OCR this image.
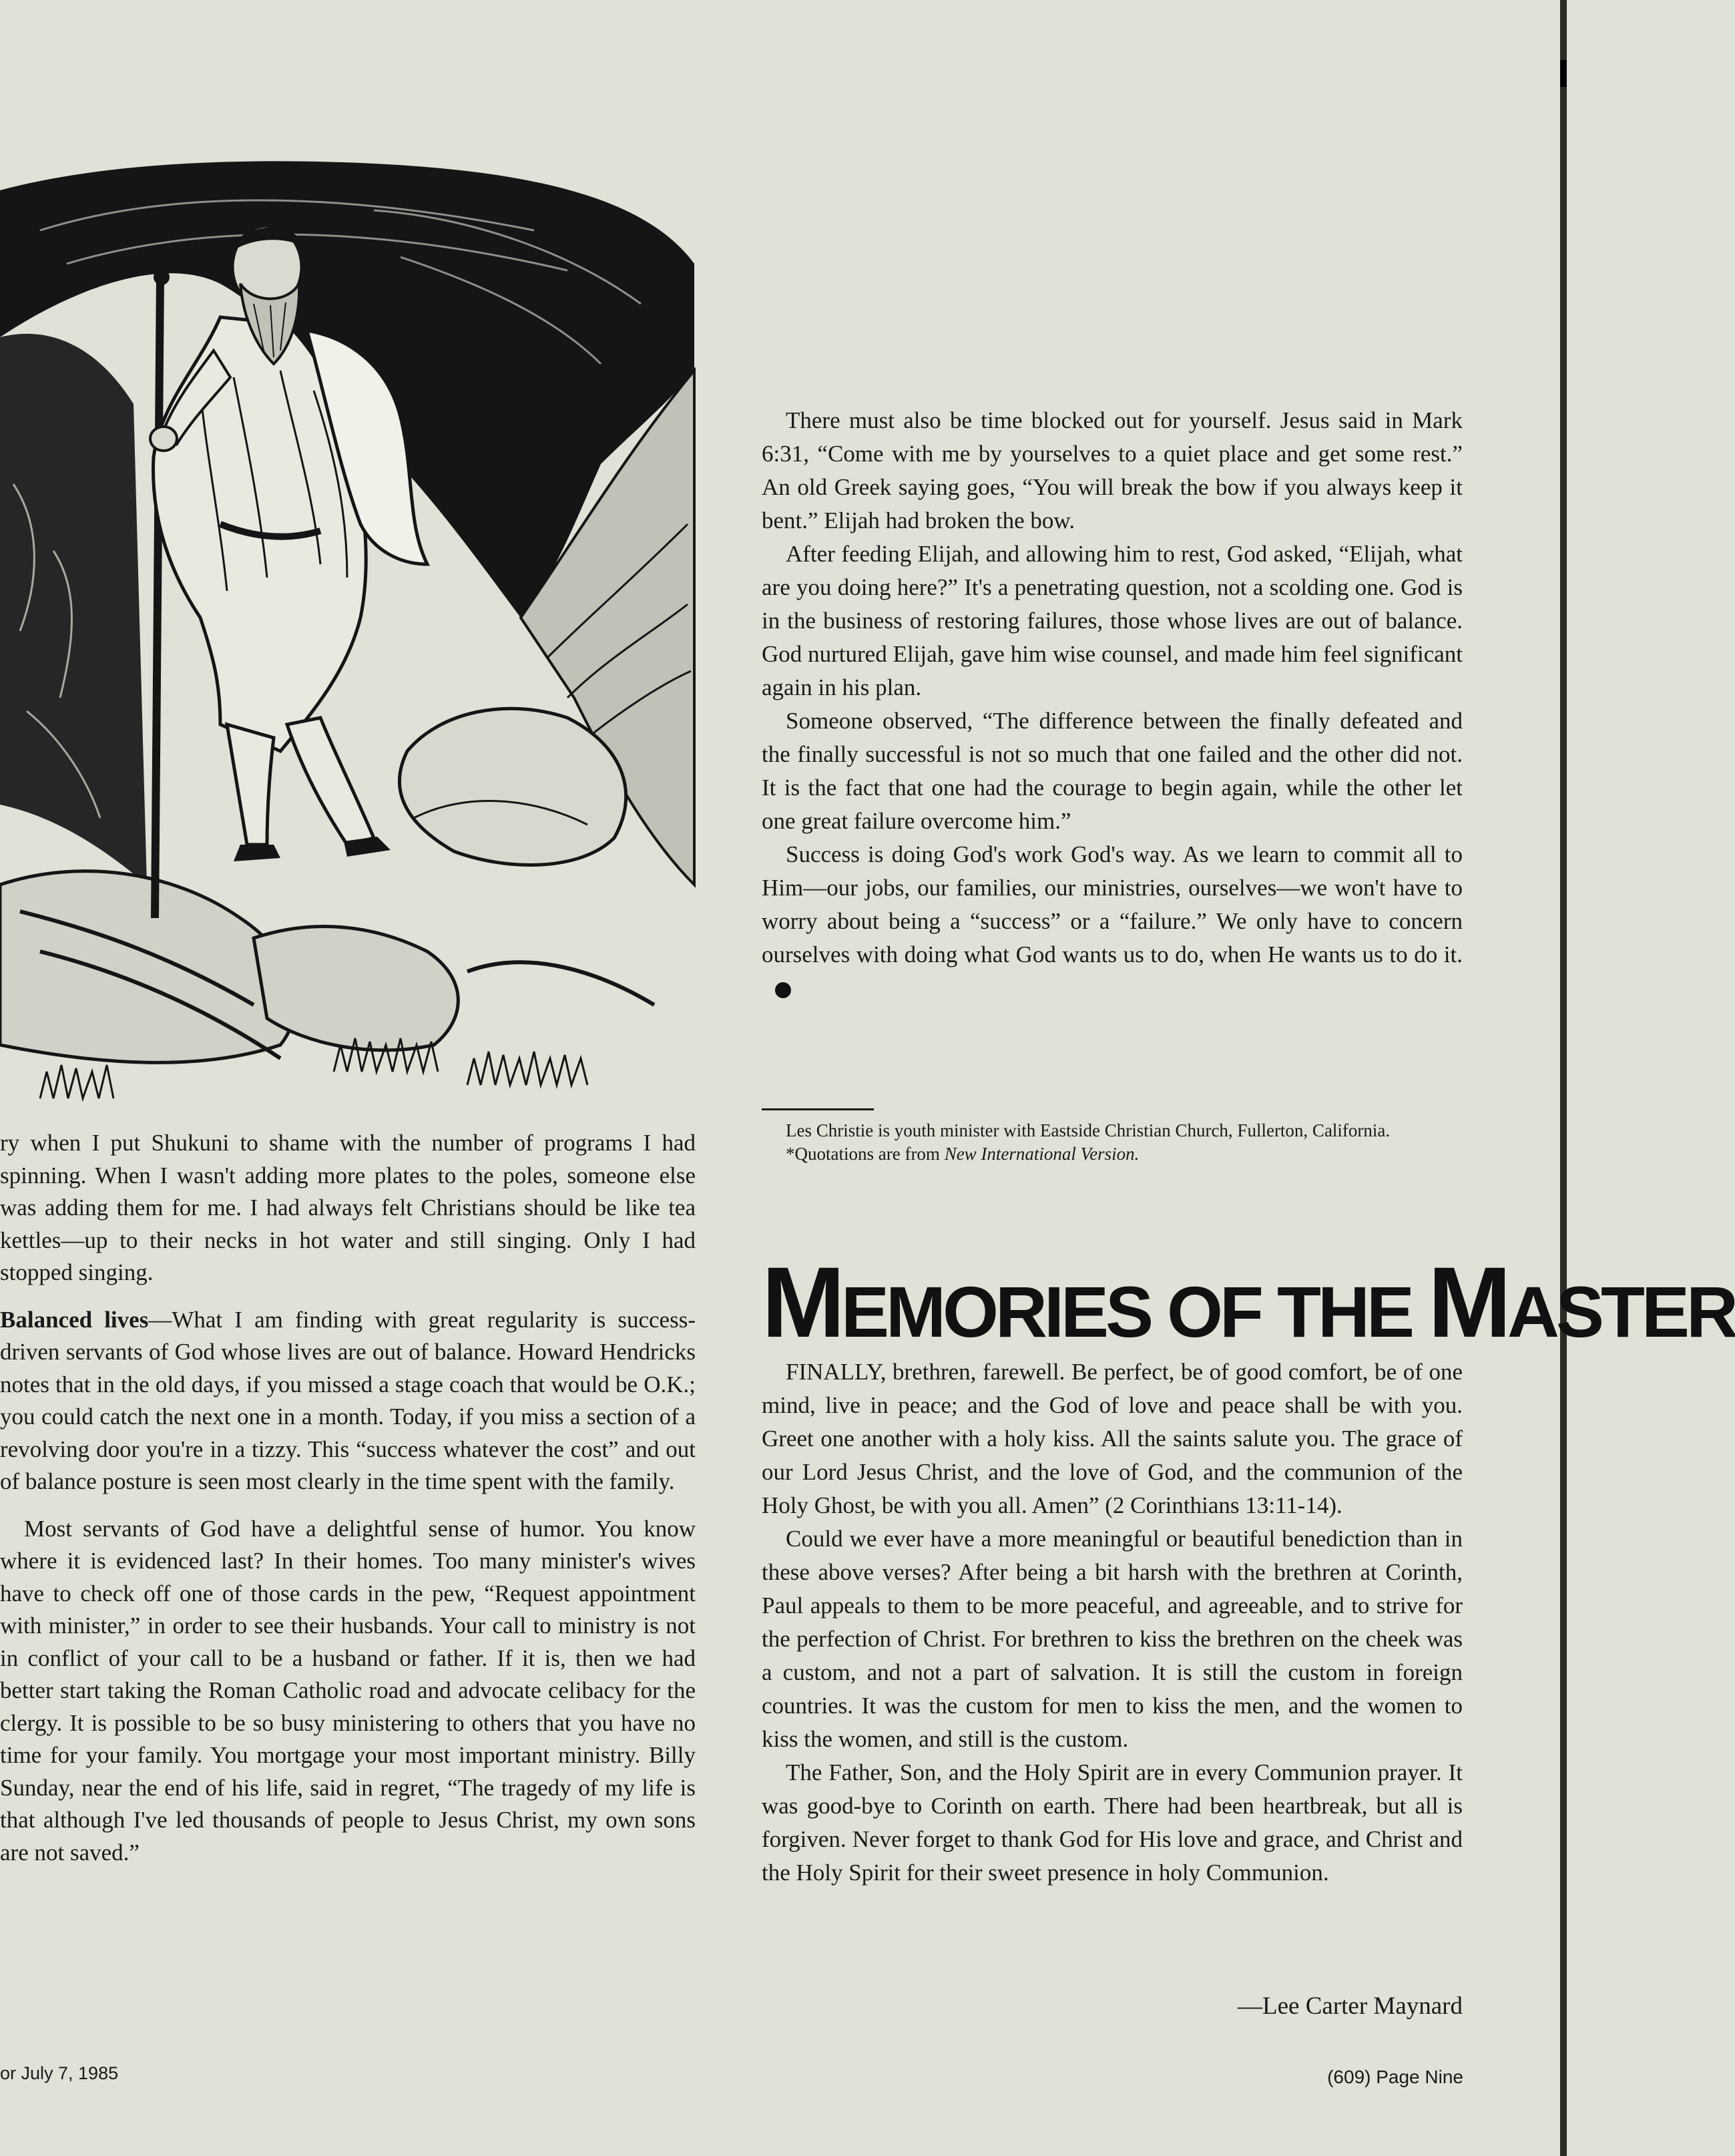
ry when I put Shukuni to shame with the number of programs I had spinning. When I wasn't adding more plates to the poles, someone else was adding them for me. I had always felt Christians should be like tea kettles—up to their necks in hot water and still singing. Only I had stopped singing.

Balanced lives—What I am finding with great regularity is success-driven servants of God whose lives are out of balance. Howard Hendricks notes that in the old days, if you missed a stage coach that would be O.K.; you could catch the next one in a month. Today, if you miss a section of a revolving door you're in a tizzy. This “success whatever the cost” and out of balance posture is seen most clearly in the time spent with the family.

Most servants of God have a delightful sense of humor. You know where it is evidenced last? In their homes. Too many minister's wives have to check off one of those cards in the pew, “Request appointment with minister,” in order to see their husbands. Your call to ministry is not in conflict of your call to be a husband or father. If it is, then we had better start taking the Roman Catholic road and advocate celibacy for the clergy. It is possible to be so busy ministering to others that you have no time for your family. You mortgage your most important ministry. Billy Sunday, near the end of his life, said in regret, “The tragedy of my life is that although I've led thousands of people to Jesus Christ, my own sons are not saved.”

There must also be time blocked out for yourself. Jesus said in Mark 6:31, “Come with me by yourselves to a quiet place and get some rest.” An old Greek saying goes, “You will break the bow if you always keep it bent.” Elijah had broken the bow.

After feeding Elijah, and allowing him to rest, God asked, “Elijah, what are you doing here?” It's a penetrating question, not a scolding one. God is in the business of restoring failures, those whose lives are out of balance. God nurtured Elijah, gave him wise counsel, and made him feel significant again in his plan.

Someone observed, “The difference between the finally defeated and the finally successful is not so much that one failed and the other did not. It is the fact that one had the courage to begin again, while the other let one great failure overcome him.”

Success is doing God's work God's way. As we learn to commit all to Him—our jobs, our families, our ministries, ourselves—we won't have to worry about being a “success” or a “failure.” We only have to concern ourselves with doing what God wants us to do, when He wants us to do it.

Les Christie is youth minister with Eastside Christian Church, Fullerton, California.

*Quotations are from New International Version.

MEMORIES OF THE MASTER

FINALLY, brethren, farewell. Be perfect, be of good comfort, be of one mind, live in peace; and the God of love and peace shall be with you. Greet one another with a holy kiss. All the saints salute you. The grace of our Lord Jesus Christ, and the love of God, and the communion of the Holy Ghost, be with you all. Amen” (2 Corinthians 13:11-14).

Could we ever have a more meaningful or beautiful benediction than in these above verses? After being a bit harsh with the brethren at Corinth, Paul appeals to them to be more peaceful, and agreeable, and to strive for the perfection of Christ. For brethren to kiss the brethren on the cheek was a custom, and not a part of salvation. It is still the custom in foreign countries. It was the custom for men to kiss the men, and the women to kiss the women, and still is the custom.

The Father, Son, and the Holy Spirit are in every Communion prayer. It was good-bye to Corinth on earth. There had been heartbreak, but all is forgiven. Never forget to thank God for His love and grace, and Christ and the Holy Spirit for their sweet presence in holy Communion.

—Lee Carter Maynard
or July 7, 1985	(609) Page Nine
